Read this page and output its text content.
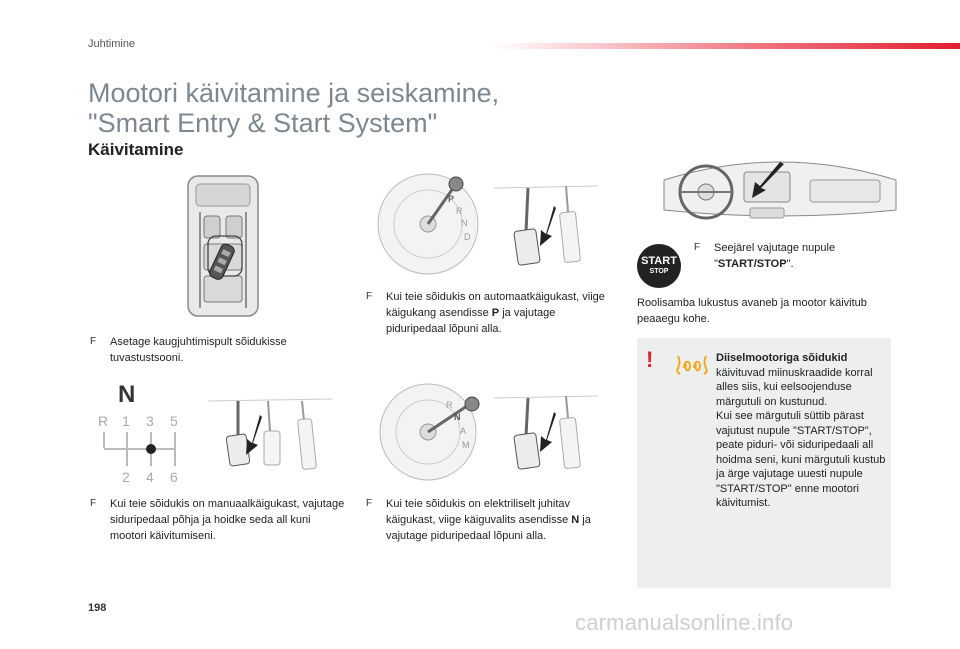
Juhtimine
Mootori käivitamine ja seiskamine,
"Smart Entry & Start System"
Käivitamine
P
R
N
D
N
R 1 3 5
2 4 6
R
N
A
M
F	Asetage kaugjuhtimispult sõidukisse tuvastustsooni.
F	Kui teie sõidukis on automaatkäigukast, viige käigukang asendisse P ja vajutage piduripedaal lõpuni alla.
F	Kui teie sõidukis on manuaalkäigukast, vajutage siduripedaal põhja ja hoidke seda all kuni mootori käivitumiseni.
F	Kui teie sõidukis on elektriliselt juhitav käigukast, viige käiguvalits asendisse N ja vajutage piduripedaal lõpuni alla.
START
STOP
F	Seejärel vajutage nupule "START/STOP".
Roolisamba lukustus avaneb ja mootor käivitub peaaegu kohe.
!	Diiselmootoriga sõidukid
käivituvad miinuskraadide korral alles siis, kui eelsoojenduse märgutuli on kustunud.
Kui see märgutuli süttib pärast vajutust nupule "START/STOP", peate piduri- või siduripedaali all hoidma seni, kuni märgutuli kustub ja ärge vajutage uuesti nupule "START/STOP" enne mootori käivitumist.
198
carmanualsonline.info
